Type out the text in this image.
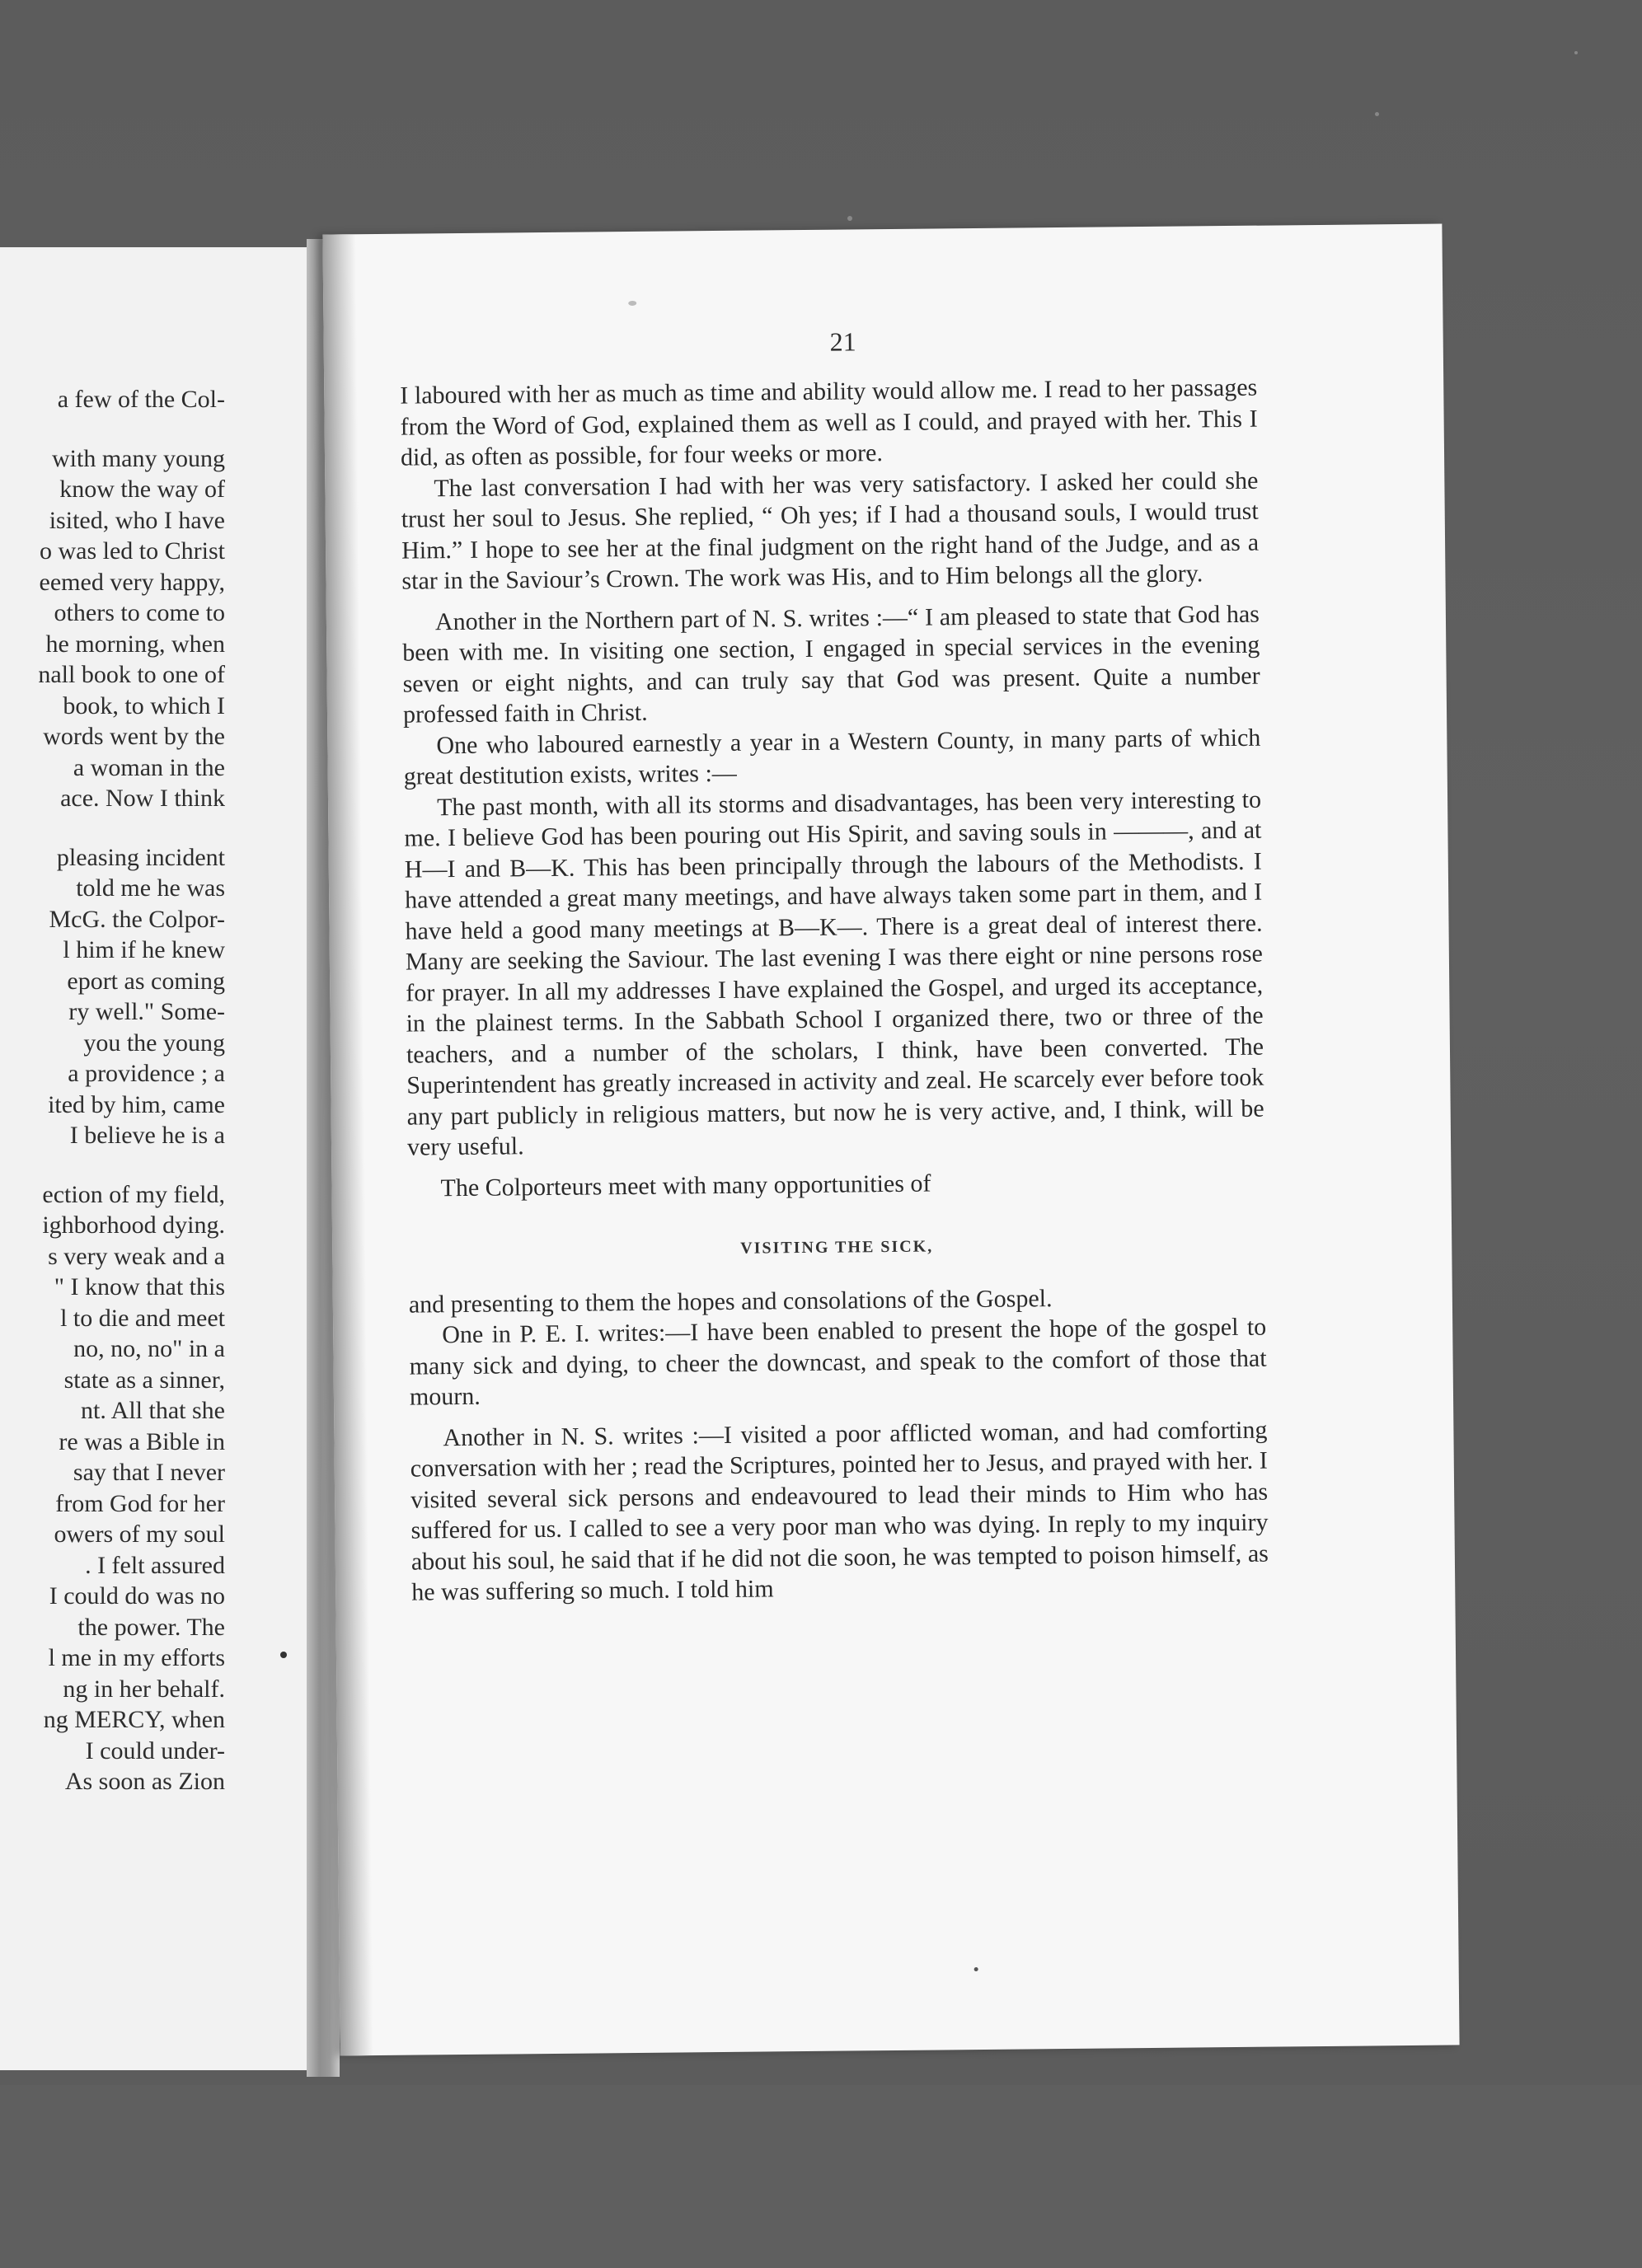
a few of the Col-
with many young
know the way of
isited, who I have
o was led to Christ
eemed very happy,
others to come to
he morning, when
nall book to one of
book, to which I
words went by the
a woman in the
ace. Now I think
pleasing incident
told me he was
McG. the Colpor-
l him if he knew
eport as coming
ry well." Some-
you the young
a providence ; a
ited by him, came
I believe he is a
ection of my field,
ighborhood dying.
s very weak and a
" I know that this
l to die and meet
no, no, no" in a
state as a sinner,
nt. All that she
re was a Bible in
say that I never
from God for her
owers of my soul
. I felt assured
I could do was no
the power. The
l me in my efforts
ng in her behalf.
ng MERCY, when
I could under-
As soon as Zion
21

I laboured with her as much as time and ability would allow me. I read to her passages from the Word of God, explained them as well as I could, and prayed with her. This I did, as often as possible, for four weeks or more.

The last conversation I had with her was very satisfactory. I asked her could she trust her soul to Jesus. She replied, “ Oh yes; if I had a thousand souls, I would trust Him.” I hope to see her at the final judgment on the right hand of the Judge, and as a star in the Saviour’s Crown. The work was His, and to Him belongs all the glory.

Another in the Northern part of N. S. writes :—“ I am pleased to state that God has been with me. In visiting one section, I engaged in special services in the evening seven or eight nights, and can truly say that God was present. Quite a number professed faith in Christ.

One who laboured earnestly a year in a Western County, in many parts of which great destitution exists, writes :—

The past month, with all its storms and disadvantages, has been very interesting to me. I believe God has been pouring out His Spirit, and saving souls in ———, and at H—I and B—K. This has been principally through the labours of the Methodists. I have attended a great many meetings, and have always taken some part in them, and I have held a good many meetings at B—K—. There is a great deal of interest there. Many are seeking the Saviour. The last evening I was there eight or nine persons rose for prayer. In all my addresses I have explained the Gospel, and urged its acceptance, in the plainest terms. In the Sabbath School I organized there, two or three of the teachers, and a number of the scholars, I think, have been converted. The Superintendent has greatly increased in activity and zeal. He scarcely ever before took any part publicly in religious matters, but now he is very active, and, I think, will be very useful.

The Colporteurs meet with many opportunities of

VISITING THE SICK,

and presenting to them the hopes and consolations of the Gospel.

One in P. E. I. writes:—I have been enabled to present the hope of the gospel to many sick and dying, to cheer the downcast, and speak to the comfort of those that mourn.

Another in N. S. writes :—I visited a poor afflicted woman, and had comforting conversation with her ; read the Scriptures, pointed her to Jesus, and prayed with her. I visited several sick persons and endeavoured to lead their minds to Him who has suffered for us. I called to see a very poor man who was dying. In reply to my inquiry about his soul, he said that if he did not die soon, he was tempted to poison himself, as he was suffering so much. I told him
